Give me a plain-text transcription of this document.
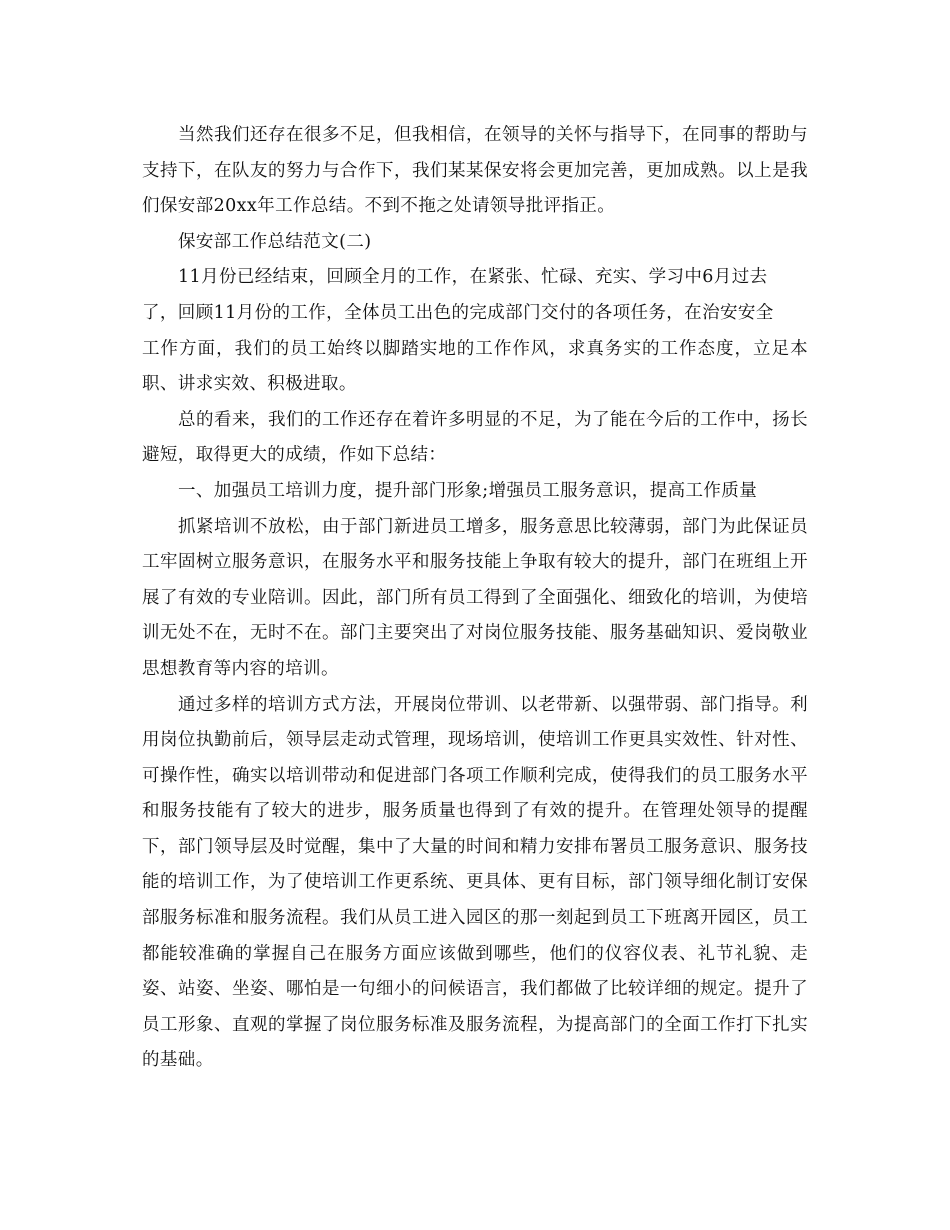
当然我们还存在很多不足，但我相信，在领导的关怀与指导下，在同事的帮助与支持下，在队友的努力与合作下，我们某某保安将会更加完善，更加成熟。以上是我们保安部20xx年工作总结。不到不拖之处请领导批评指正。

保安部工作总结范文(二)

11月份已经结束，回顾全月的工作，在紧张、忙碌、充实、学习中6月过去
了，回顾11月份的工作，全体员工出色的完成部门交付的各项任务，在治安安全
工作方面，我们的员工始终以脚踏实地的工作作风，求真务实的工作态度，立足本职、讲求实效、积极进取。

总的看来，我们的工作还存在着许多明显的不足，为了能在今后的工作中，扬长避短，取得更大的成绩，作如下总结：

一、加强员工培训力度，提升部门形象;增强员工服务意识，提高工作质量

抓紧培训不放松，由于部门新进员工增多，服务意思比较薄弱，部门为此保证员工牢固树立服务意识，在服务水平和服务技能上争取有较大的提升，部门在班组上开展了有效的专业陪训。因此，部门所有员工得到了全面强化、细致化的培训，为使培训无处不在，无时不在。部门主要突出了对岗位服务技能、服务基础知识、爱岗敬业思想教育等内容的培训。

通过多样的培训方式方法，开展岗位带训、以老带新、以强带弱、部门指导。利用岗位执勤前后，领导层走动式管理，现场培训，使培训工作更具实效性、针对性、可操作性，确实以培训带动和促进部门各项工作顺利完成，使得我们的员工服务水平和服务技能有了较大的进步，服务质量也得到了有效的提升。在管理处领导的提醒下，部门领导层及时觉醒，集中了大量的时间和精力安排布署员工服务意识、服务技能的培训工作，为了使培训工作更系统、更具体、更有目标，部门领导细化制订安保部服务标准和服务流程。我们从员工进入园区的那一刻起到员工下班离开园区，员工都能较准确的掌握自己在服务方面应该做到哪些，他们的仪容仪表、礼节礼貌、走姿、站姿、坐姿、哪怕是一句细小的问候语言，我们都做了比较详细的规定。提升了员工形象、直观的掌握了岗位服务标准及服务流程，为提高部门的全面工作打下扎实的基础。
